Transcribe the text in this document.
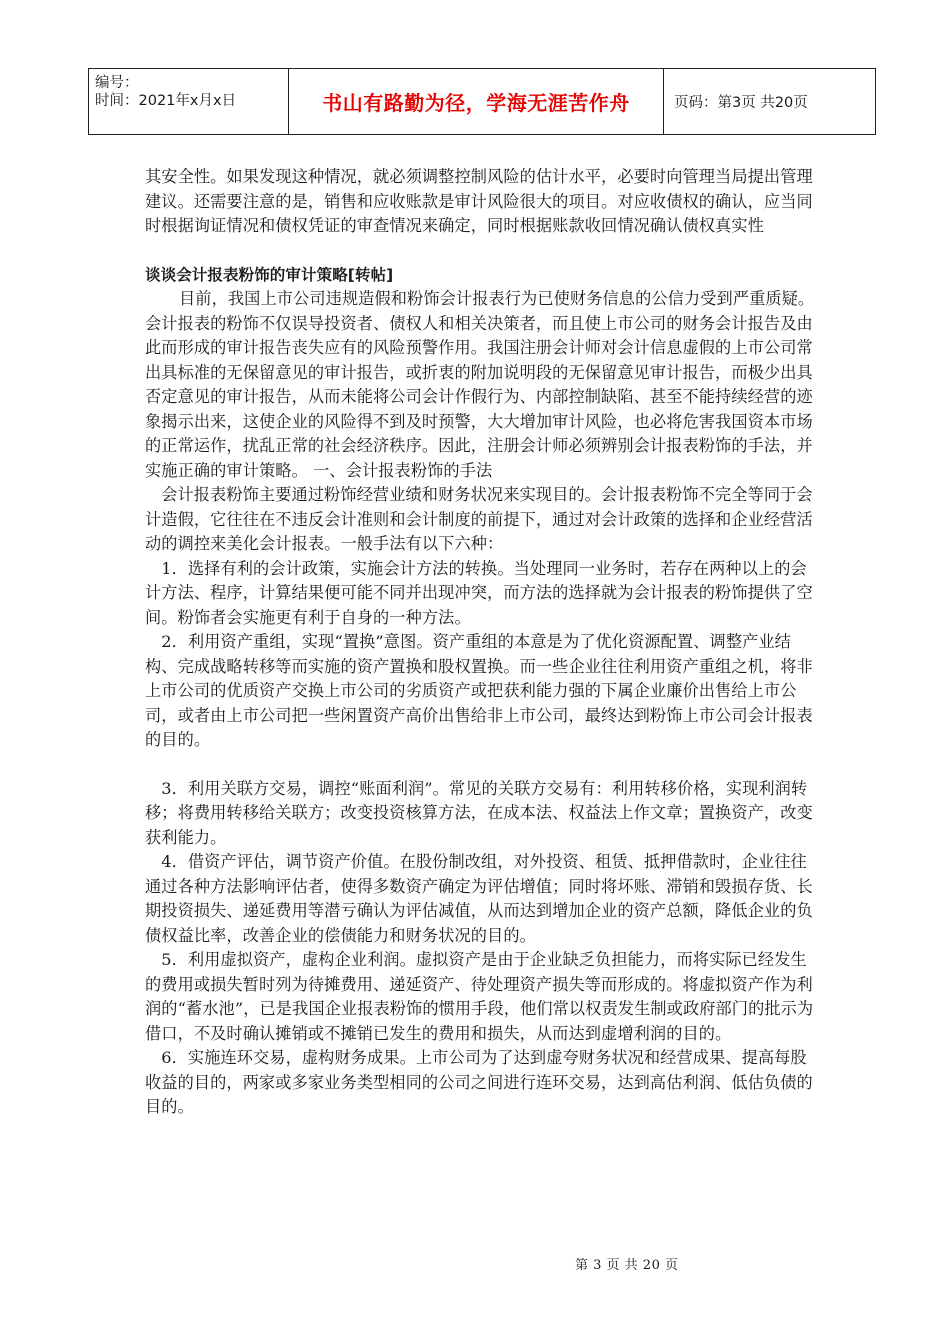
编号：
时间：2021年x月x日	书山有路勤为径，学海无涯苦作舟	页码：第3页 共20页

其安全性。如果发现这种情况，就必须调整控制风险的估计水平，必要时向管理当局提出管理建议。还需要注意的是，销售和应收账款是审计风险很大的项目。对应收债权的确认，应当同时根据询证情况和债权凭证的审查情况来确定，同时根据账款收回情况确认债权真实性

谈谈会计报表粉饰的审计策略[转帖]

目前，我国上市公司违规造假和粉饰会计报表行为已使财务信息的公信力受到严重质疑。会计报表的粉饰不仅误导投资者、债权人和相关决策者，而且使上市公司的财务会计报告及由此而形成的审计报告丧失应有的风险预警作用。我国注册会计师对会计信息虚假的上市公司常出具标准的无保留意见的审计报告，或折衷的附加说明段的无保留意见审计报告，而极少出具否定意见的审计报告，从而未能将公司会计作假行为、内部控制缺陷、甚至不能持续经营的迹象揭示出来，这使企业的风险得不到及时预警，大大增加审计风险，也必将危害我国资本市场的正常运作，扰乱正常的社会经济秩序。因此，注册会计师必须辨别会计报表粉饰的手法，并实施正确的审计策略。 一、会计报表粉饰的手法

会计报表粉饰主要通过粉饰经营业绩和财务状况来实现目的。会计报表粉饰不完全等同于会计造假，它往往在不违反会计准则和会计制度的前提下，通过对会计政策的选择和企业经营活动的调控来美化会计报表。一般手法有以下六种：

1．选择有利的会计政策，实施会计方法的转换。当处理同一业务时，若存在两种以上的会计方法、程序，计算结果便可能不同并出现冲突，而方法的选择就为会计报表的粉饰提供了空间。粉饰者会实施更有利于自身的一种方法。

2．利用资产重组，实现“置换”意图。资产重组的本意是为了优化资源配置、调整产业结构、完成战略转移等而实施的资产置换和股权置换。而一些企业往往利用资产重组之机，将非上市公司的优质资产交换上市公司的劣质资产或把获利能力强的下属企业廉价出售给上市公司，或者由上市公司把一些闲置资产高价出售给非上市公司，最终达到粉饰上市公司会计报表的目的。

3．利用关联方交易，调控“账面利润”。常见的关联方交易有：利用转移价格，实现利润转移；将费用转移给关联方；改变投资核算方法，在成本法、权益法上作文章；置换资产，改变获利能力。

4．借资产评估，调节资产价值。在股份制改组，对外投资、租赁、抵押借款时，企业往往通过各种方法影响评估者，使得多数资产确定为评估增值；同时将坏账、滞销和毁损存货、长期投资损失、递延费用等潜亏确认为评估减值，从而达到增加企业的资产总额，降低企业的负债权益比率，改善企业的偿债能力和财务状况的目的。

5．利用虚拟资产，虚构企业利润。虚拟资产是由于企业缺乏负担能力，而将实际已经发生的费用或损失暂时列为待摊费用、递延资产、待处理资产损失等而形成的。将虚拟资产作为利润的“蓄水池”，已是我国企业报表粉饰的惯用手段，他们常以权责发生制或政府部门的批示为借口，不及时确认摊销或不摊销已发生的费用和损失，从而达到虚增利润的目的。

6．实施连环交易，虚构财务成果。上市公司为了达到虚夸财务状况和经营成果、提高每股收益的目的，两家或多家业务类型相同的公司之间进行连环交易，达到高估利润、低估负债的目的。

第 3 页 共 20 页
